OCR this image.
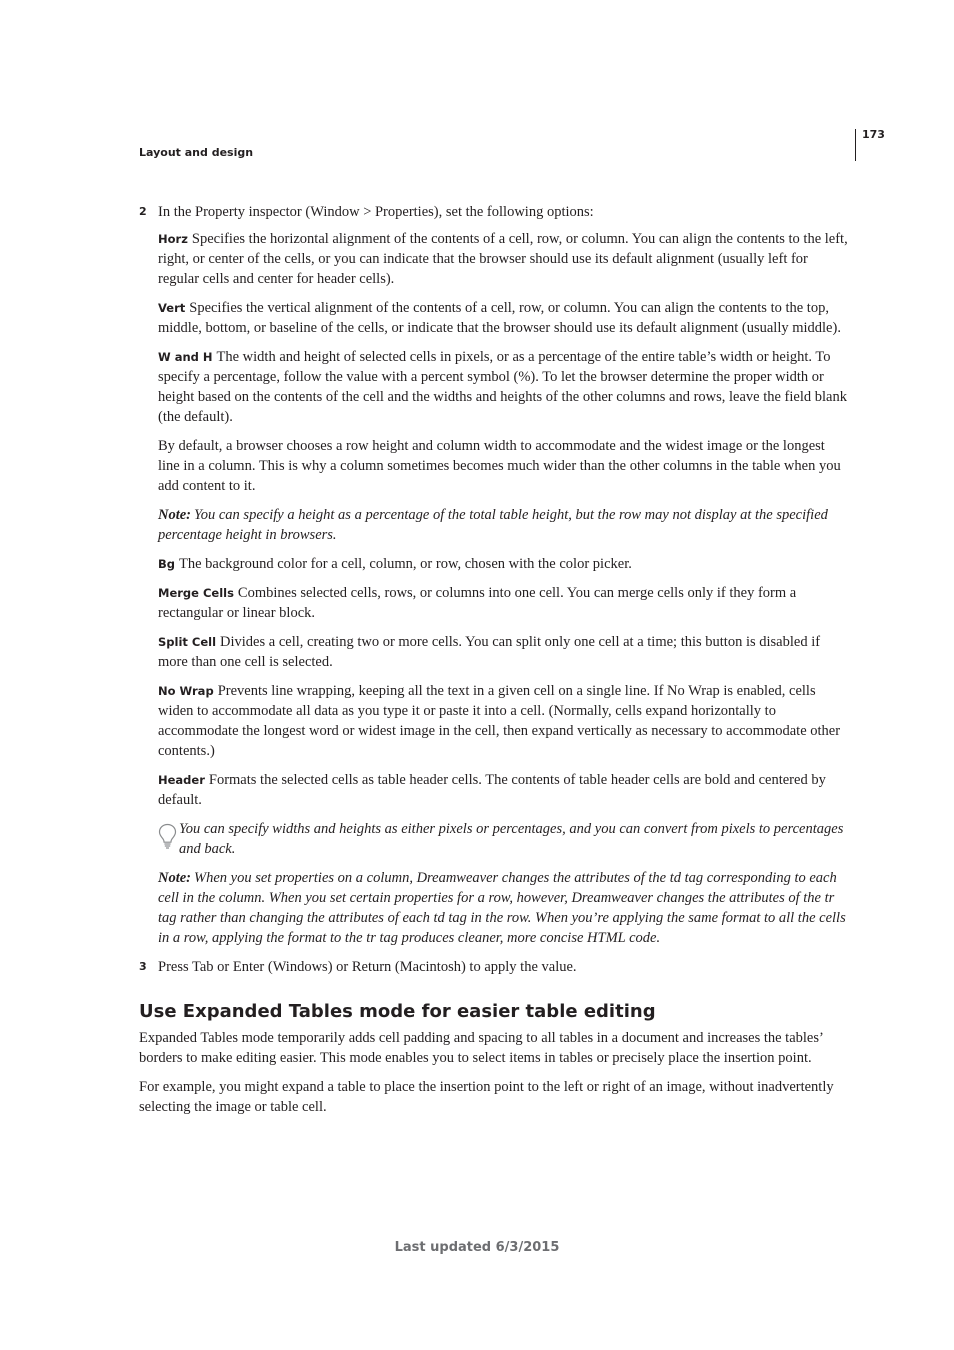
Layout and design
173
2 In the Property inspector (Window > Properties), set the following options:

Horz Specifies the horizontal alignment of the contents of a cell, row, or column. You can align the contents to the left, right, or center of the cells, or you can indicate that the browser should use its default alignment (usually left for regular cells and center for header cells).

Vert Specifies the vertical alignment of the contents of a cell, row, or column. You can align the contents to the top, middle, bottom, or baseline of the cells, or indicate that the browser should use its default alignment (usually middle).

W and H The width and height of selected cells in pixels, or as a percentage of the entire table’s width or height. To specify a percentage, follow the value with a percent symbol (%). To let the browser determine the proper width or height based on the contents of the cell and the widths and heights of the other columns and rows, leave the field blank (the default).

By default, a browser chooses a row height and column width to accommodate and the widest image or the longest line in a column. This is why a column sometimes becomes much wider than the other columns in the table when you add content to it.

Note: You can specify a height as a percentage of the total table height, but the row may not display at the specified percentage height in browsers.

Bg The background color for a cell, column, or row, chosen with the color picker.

Merge Cells Combines selected cells, rows, or columns into one cell. You can merge cells only if they form a rectangular or linear block.

Split Cell Divides a cell, creating two or more cells. You can split only one cell at a time; this button is disabled if more than one cell is selected.

No Wrap Prevents line wrapping, keeping all the text in a given cell on a single line. If No Wrap is enabled, cells widen to accommodate all data as you type it or paste it into a cell. (Normally, cells expand horizontally to accommodate the longest word or widest image in the cell, then expand vertically as necessary to accommodate other contents.)

Header Formats the selected cells as table header cells. The contents of table header cells are bold and centered by default.

You can specify widths and heights as either pixels or percentages, and you can convert from pixels to percentages and back.

Note: When you set properties on a column, Dreamweaver changes the attributes of the td tag corresponding to each cell in the column. When you set certain properties for a row, however, Dreamweaver changes the attributes of the tr tag rather than changing the attributes of each td tag in the row. When you’re applying the same format to all the cells in a row, applying the format to the tr tag produces cleaner, more concise HTML code.

3 Press Tab or Enter (Windows) or Return (Macintosh) to apply the value.
Use Expanded Tables mode for easier table editing

Expanded Tables mode temporarily adds cell padding and spacing to all tables in a document and increases the tables’ borders to make editing easier. This mode enables you to select items in tables or precisely place the insertion point.

For example, you might expand a table to place the insertion point to the left or right of an image, without inadvertently selecting the image or table cell.

Last updated 6/3/2015
